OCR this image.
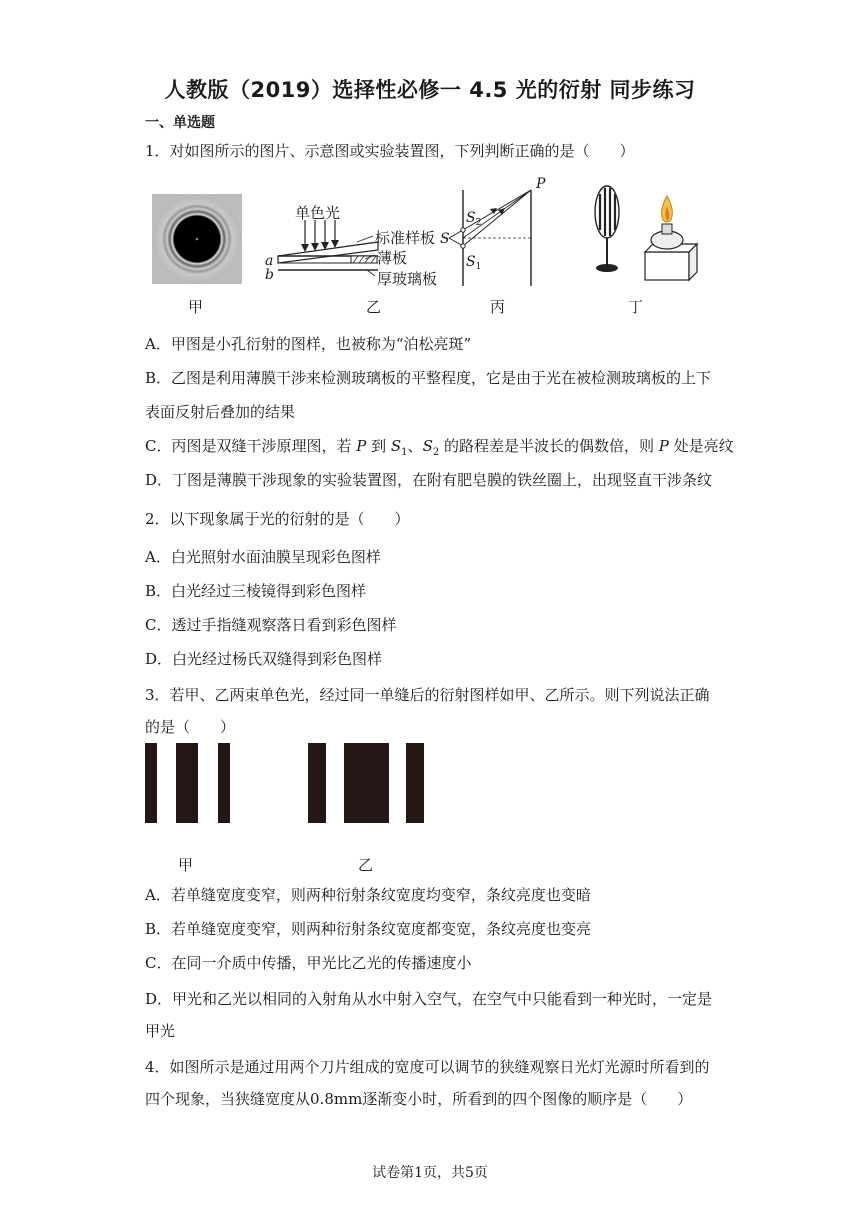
人教版（2019）选择性必修一 4.5 光的衍射 同步练习
一、单选题
1．对如图所示的图片、示意图或实验装置图，下列判断正确的是（　　）
单色光
标准样板
薄板
厚玻璃板
a
b
P
S
$S_2$
$S_1$
甲	乙	丙	丁
A．甲图是小孔衍射的图样，也被称为“泊松亮斑”
B．乙图是利用薄膜干涉来检测玻璃板的平整程度，它是由于光在被检测玻璃板的上下
表面反射后叠加的结果
C．丙图是双缝干涉原理图，若 P 到 $S_1$、$S_2$ 的路程差是半波长的偶数倍，则 P 处是亮纹
D．丁图是薄膜干涉现象的实验装置图，在附有肥皂膜的铁丝圈上，出现竖直干涉条纹
2．以下现象属于光的衍射的是（　　）
A．白光照射水面油膜呈现彩色图样
B．白光经过三棱镜得到彩色图样
C．透过手指缝观察落日看到彩色图样
D．白光经过杨氏双缝得到彩色图样
3．若甲、乙两束单色光，经过同一单缝后的衍射图样如甲、乙所示。则下列说法正确
的是（　　）
甲	乙
A．若单缝宽度变窄，则两种衍射条纹宽度均变窄，条纹亮度也变暗
B．若单缝宽度变窄，则两种衍射条纹宽度都变宽，条纹亮度也变亮
C．在同一介质中传播，甲光比乙光的传播速度小
D．甲光和乙光以相同的入射角从水中射入空气，在空气中只能看到一种光时，一定是
甲光
4．如图所示是通过用两个刀片组成的宽度可以调节的狭缝观察日光灯光源时所看到的
四个现象，当狭缝宽度从0.8mm逐渐变小时，所看到的四个图像的顺序是（　　）
试卷第1页，共5页
